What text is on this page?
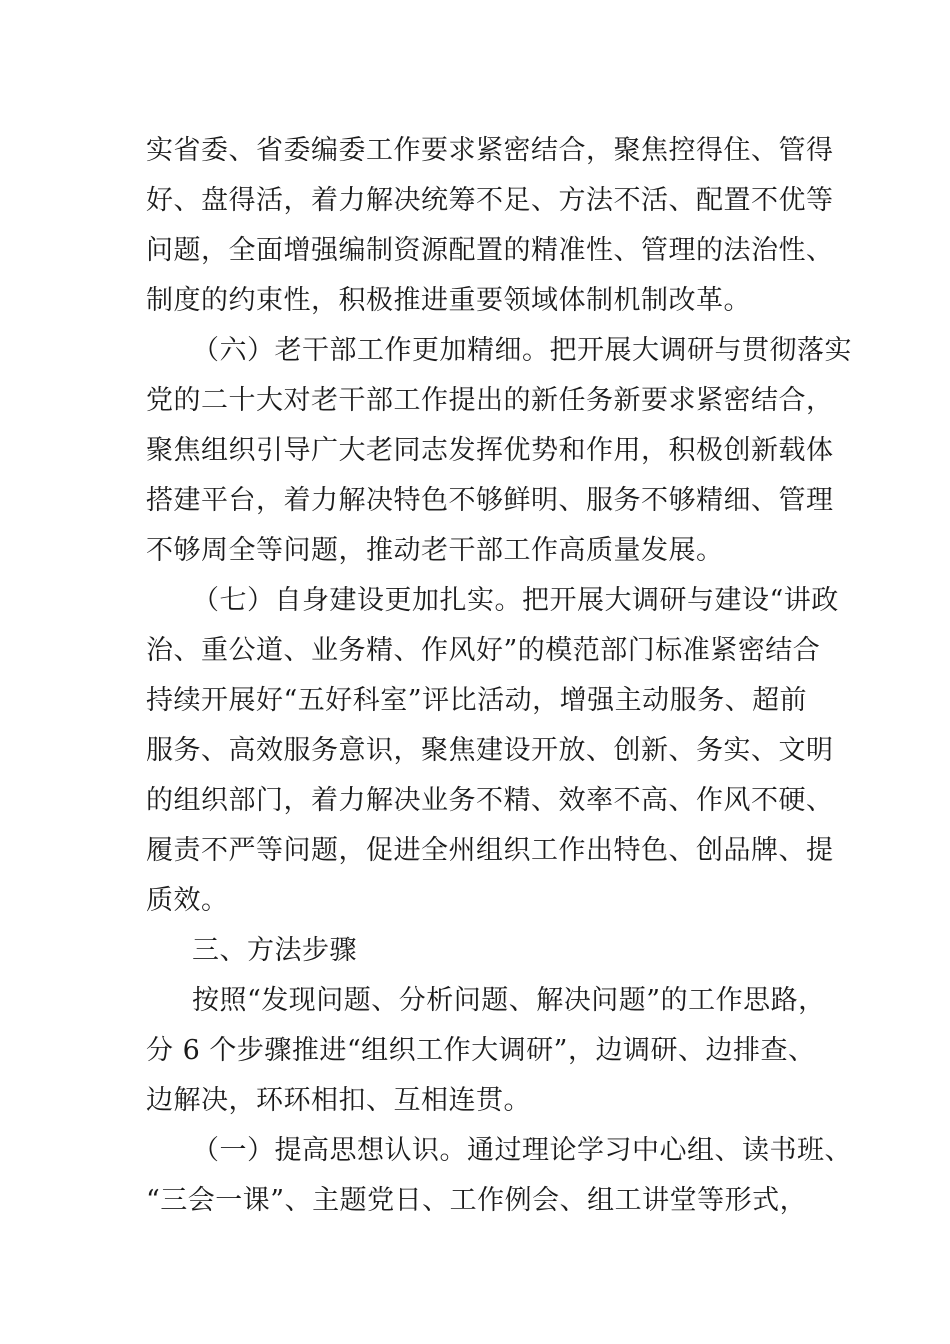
实省委、省委编委工作要求紧密结合，聚焦控得住、管得
好、盘得活，着力解决统筹不足、方法不活、配置不优等
问题，全面增强编制资源配置的精准性、管理的法治性、
制度的约束性，积极推进重要领域体制机制改革。

（六）老干部工作更加精细。把开展大调研与贯彻落实
党的二十大对老干部工作提出的新任务新要求紧密结合，
聚焦组织引导广大老同志发挥优势和作用，积极创新载体
搭建平台，着力解决特色不够鲜明、服务不够精细、管理
不够周全等问题，推动老干部工作高质量发展。

（七）自身建设更加扎实。把开展大调研与建设“讲政
治、重公道、业务精、作风好”的模范部门标准紧密结合
持续开展好“五好科室”评比活动，增强主动服务、超前
服务、高效服务意识，聚焦建设开放、创新、务实、文明
的组织部门，着力解决业务不精、效率不高、作风不硬、
履责不严等问题，促进全州组织工作出特色、创品牌、提
质效。

三、方法步骤

按照“发现问题、分析问题、解决问题”的工作思路，
分 6 个步骤推进“组织工作大调研”，边调研、边排查、
边解决，环环相扣、互相连贯。

（一）提高思想认识。通过理论学习中心组、读书班、
“三会一课”、主题党日、工作例会、组工讲堂等形式，
